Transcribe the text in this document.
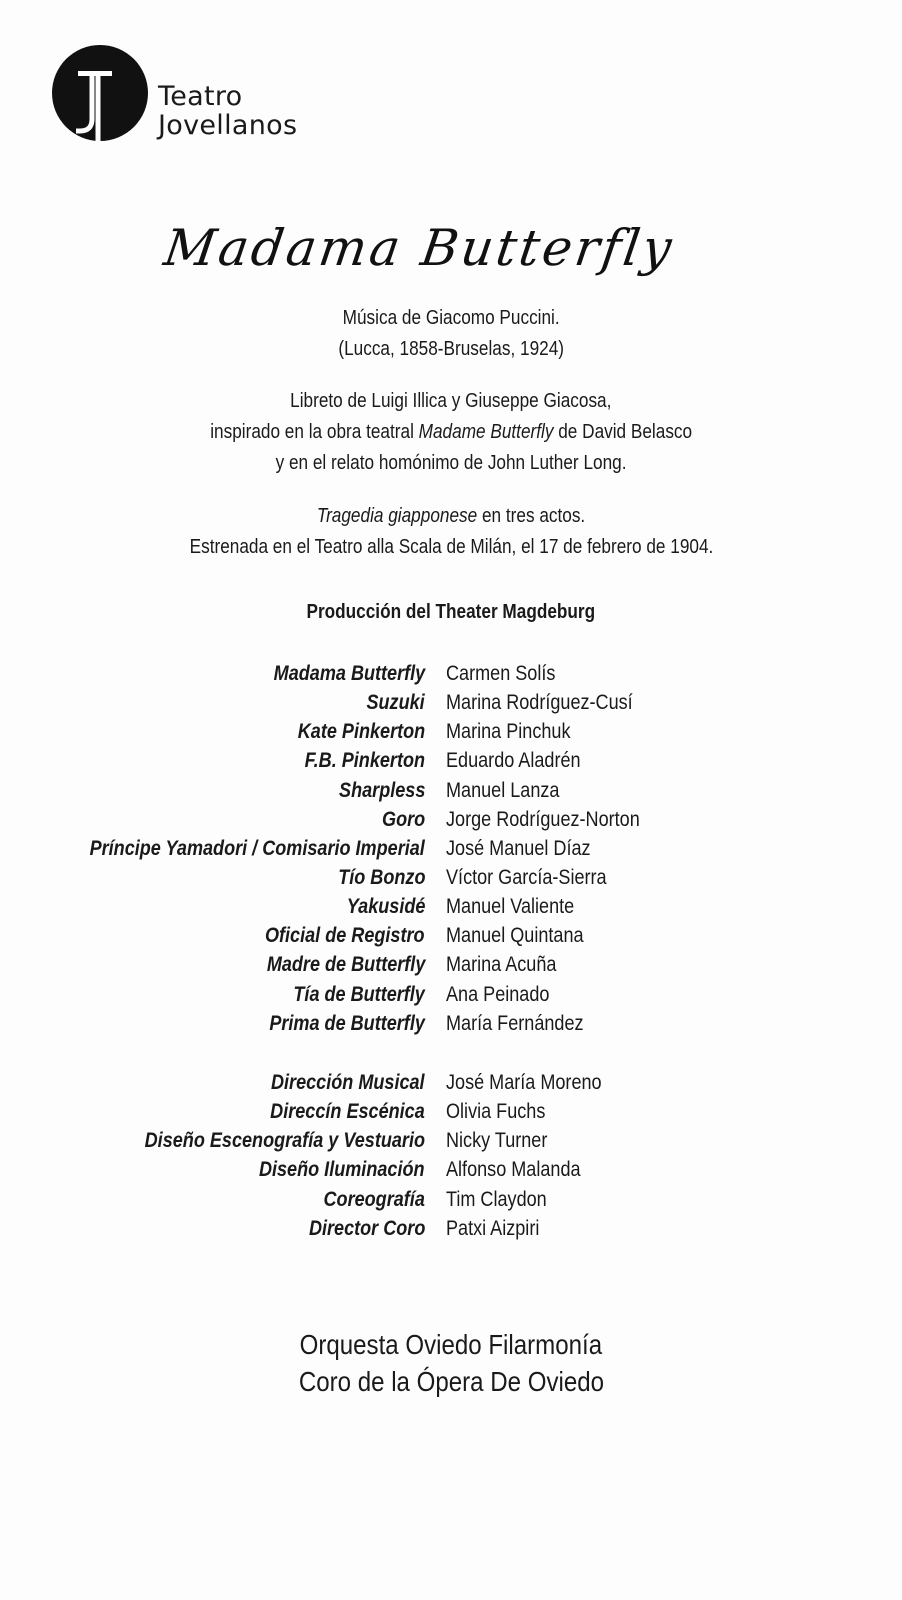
Teatro
Jovellanos
Madama Butterfly

Música de Giacomo Puccini.

(Lucca, 1858-Bruselas, 1924)

Libreto de Luigi Illica y Giuseppe Giacosa,

inspirado en la obra teatral Madame Butterfly de David Belasco

y en el relato homónimo de John Luther Long.

Tragedia giapponese en tres actos.

Estrenada en el Teatro alla Scala de Milán, el 17 de febrero de 1904.

Producción del Theater Magdeburg
Madama Butterfly Carmen Solís
Suzuki Marina Rodríguez-Cusí
Kate Pinkerton Marina Pinchuk
F.B. Pinkerton Eduardo Aladrén
Sharpless Manuel Lanza
Goro Jorge Rodríguez-Norton
Príncipe Yamadori / Comisario Imperial José Manuel Díaz
Tío Bonzo Víctor García-Sierra
Yakusidé Manuel Valiente
Oficial de Registro Manuel Quintana
Madre de Butterfly Marina Acuña
Tía de Butterfly Ana Peinado
Prima de Butterfly María Fernández
Dirección Musical José María Moreno
Direccín Escénica Olivia Fuchs
Diseño Escenografía y Vestuario Nicky Turner
Diseño Iluminación Alfonso Malanda
Coreografía Tim Claydon
Director Coro Patxi Aizpiri
Orquesta Oviedo Filarmonía
Coro de la Ópera De Oviedo
